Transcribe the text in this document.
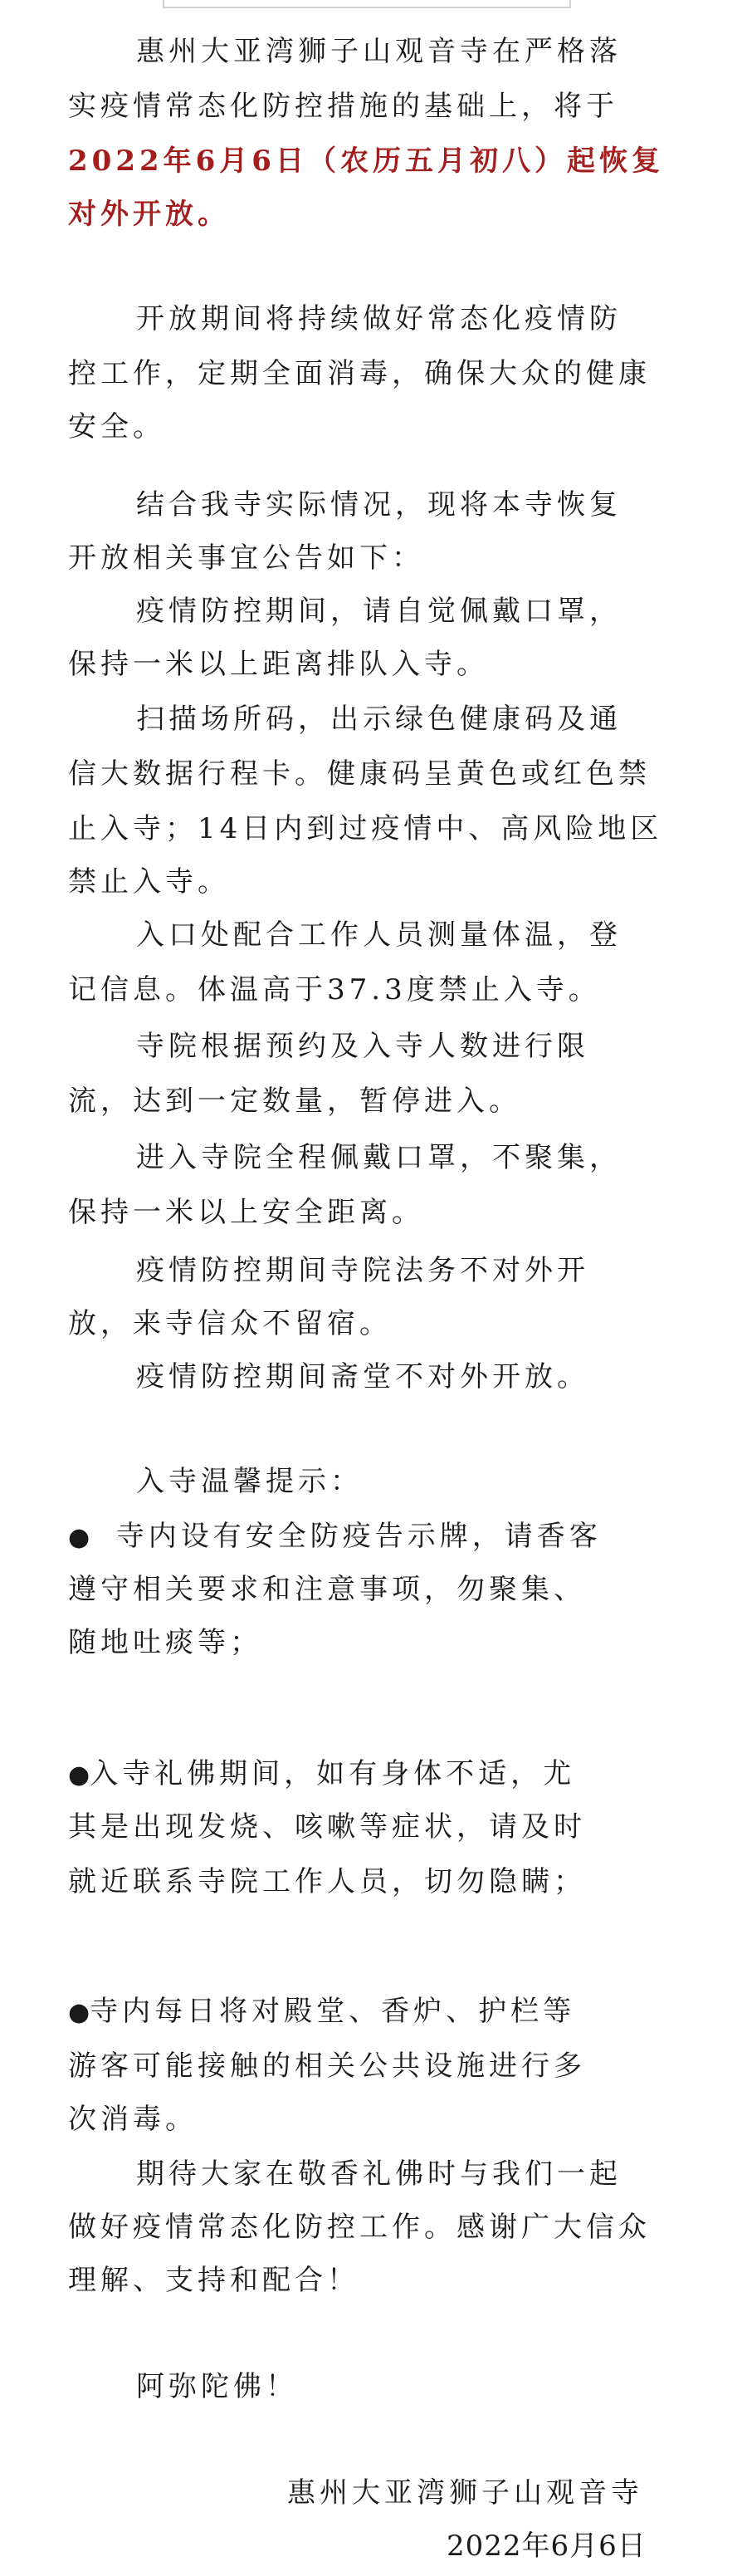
惠州大亚湾狮子山观音寺在严格落

实疫情常态化防控措施的基础上，将于

2022年6月6日（农历五月初八）起恢复

对外开放。

开放期间将持续做好常态化疫情防

控工作，定期全面消毒，确保大众的健康

安全。

结合我寺实际情况，现将本寺恢复

开放相关事宜公告如下：

疫情防控期间，请自觉佩戴口罩，

保持一米以上距离排队入寺。

扫描场所码，出示绿色健康码及通

信大数据行程卡。健康码呈黄色或红色禁

止入寺；14日内到过疫情中、高风险地区

禁止入寺。

入口处配合工作人员测量体温，登

记信息。体温高于37.3度禁止入寺。

寺院根据预约及入寺人数进行限

流，达到一定数量，暂停进入。

进入寺院全程佩戴口罩，不聚集，

保持一米以上安全距离。

疫情防控期间寺院法务不对外开

放，来寺信众不留宿。

疫情防控期间斋堂不对外开放。

入寺温馨提示：

● 寺内设有安全防疫告示牌，请香客

遵守相关要求和注意事项，勿聚集、

随地吐痰等；

●入寺礼佛期间，如有身体不适，尤

其是出现发烧、咳嗽等症状，请及时

就近联系寺院工作人员，切勿隐瞒；

●寺内每日将对殿堂、香炉、护栏等

游客可能接触的相关公共设施进行多

次消毒。

期待大家在敬香礼佛时与我们一起

做好疫情常态化防控工作。感谢广大信众

理解、支持和配合！

阿弥陀佛！

惠州大亚湾狮子山观音寺

2022年6月6日
